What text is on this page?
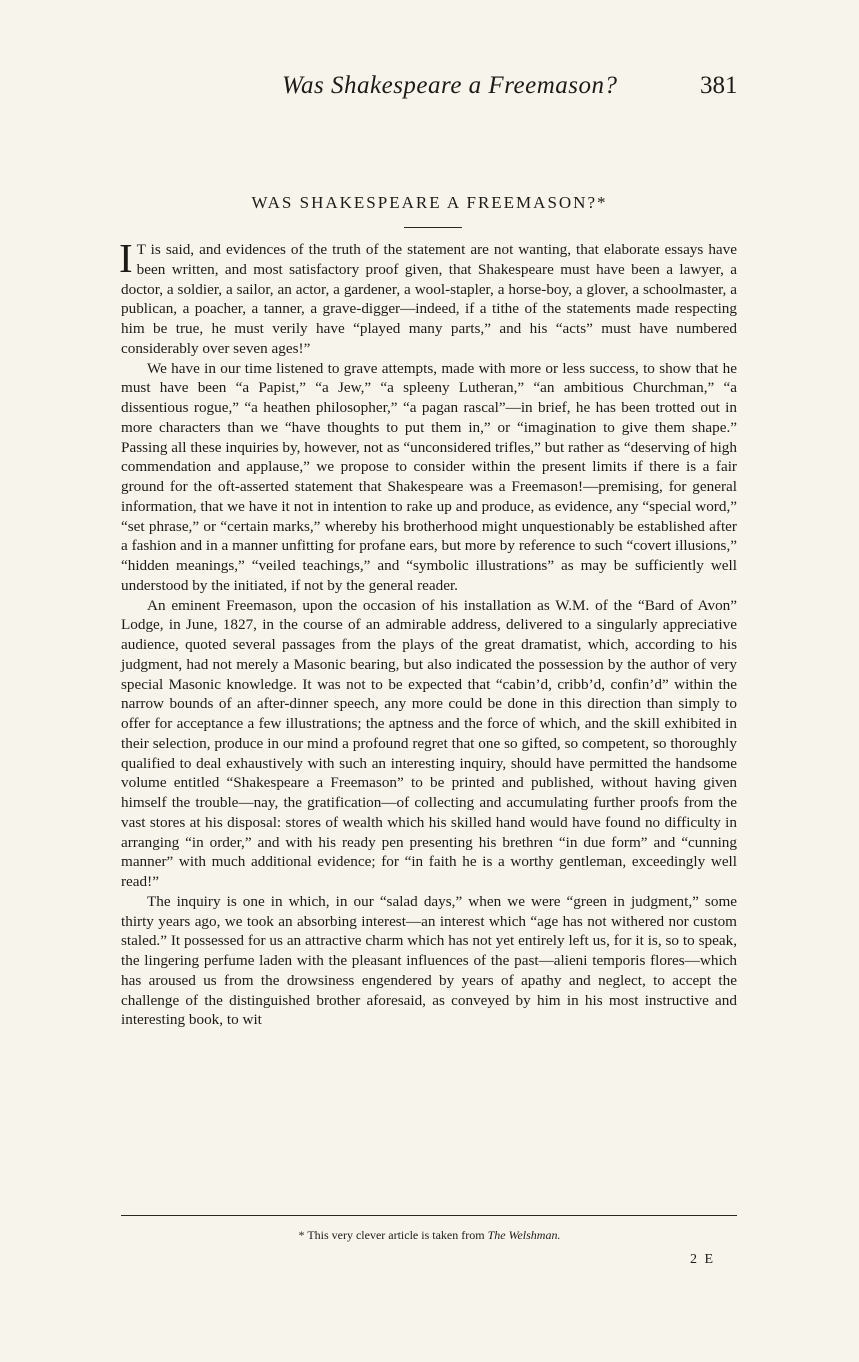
Was Shakespeare a Freemason?	381
WAS SHAKESPEARE A FREEMASON?*

I T is said, and evidences of the truth of the statement are not wanting, that elaborate essays have been written, and most satisfactory proof given, that Shakespeare must have been a lawyer, a doctor, a soldier, a sailor, an actor, a gardener, a wool-stapler, a horse-boy, a glover, a schoolmaster, a publican, a poacher, a tanner, a grave-digger—indeed, if a tithe of the statements made respecting him be true, he must verily have “played many parts,” and his “acts” must have numbered considerably over seven ages!”

We have in our time listened to grave attempts, made with more or less success, to show that he must have been “a Papist,” “a Jew,” “a spleeny Lutheran,” “an ambitious Churchman,” “a dissentious rogue,” “a heathen philosopher,” “a pagan rascal”—in brief, he has been trotted out in more characters than we “have thoughts to put them in,” or “imagination to give them shape.” Passing all these inquiries by, however, not as “unconsidered trifles,” but rather as “deserving of high commendation and applause,” we propose to consider within the present limits if there is a fair ground for the oft-asserted statement that Shakespeare was a Freemason!—premising, for general information, that we have it not in intention to rake up and produce, as evidence, any “special word,” “set phrase,” or “certain marks,” whereby his brotherhood might unquestionably be established after a fashion and in a manner unfitting for profane ears, but more by reference to such “covert illusions,” “hidden meanings,” “veiled teachings,” and “symbolic illustrations” as may be sufficiently well understood by the initiated, if not by the general reader.

An eminent Freemason, upon the occasion of his installation as W.M. of the “Bard of Avon” Lodge, in June, 1827, in the course of an admirable address, delivered to a singularly appreciative audience, quoted several passages from the plays of the great dramatist, which, according to his judgment, had not merely a Masonic bearing, but also indicated the possession by the author of very special Masonic knowledge. It was not to be expected that “cabin’d, cribb’d, confin’d” within the narrow bounds of an after-dinner speech, any more could be done in this direction than simply to offer for acceptance a few illustrations; the aptness and the force of which, and the skill exhibited in their selection, produce in our mind a profound regret that one so gifted, so competent, so thoroughly qualified to deal exhaustively with such an interesting inquiry, should have permitted the handsome volume entitled “Shakespeare a Freemason” to be printed and published, without having given himself the trouble—nay, the gratification—of collecting and accumulating further proofs from the vast stores at his disposal: stores of wealth which his skilled hand would have found no difficulty in arranging “in order,” and with his ready pen presenting his brethren “in due form” and “cunning manner” with much additional evidence; for “in faith he is a worthy gentleman, exceedingly well read!”

The inquiry is one in which, in our “salad days,” when we were “green in judgment,” some thirty years ago, we took an absorbing interest—an interest which “age has not withered nor custom staled.” It possessed for us an attractive charm which has not yet entirely left us, for it is, so to speak, the lingering perfume laden with the pleasant influences of the past—alieni temporis flores—which has aroused us from the drowsiness engendered by years of apathy and neglect, to accept the challenge of the distinguished brother aforesaid, as conveyed by him in his most instructive and interesting book, to wit

* This very clever article is taken from The Welshman.
2 E
